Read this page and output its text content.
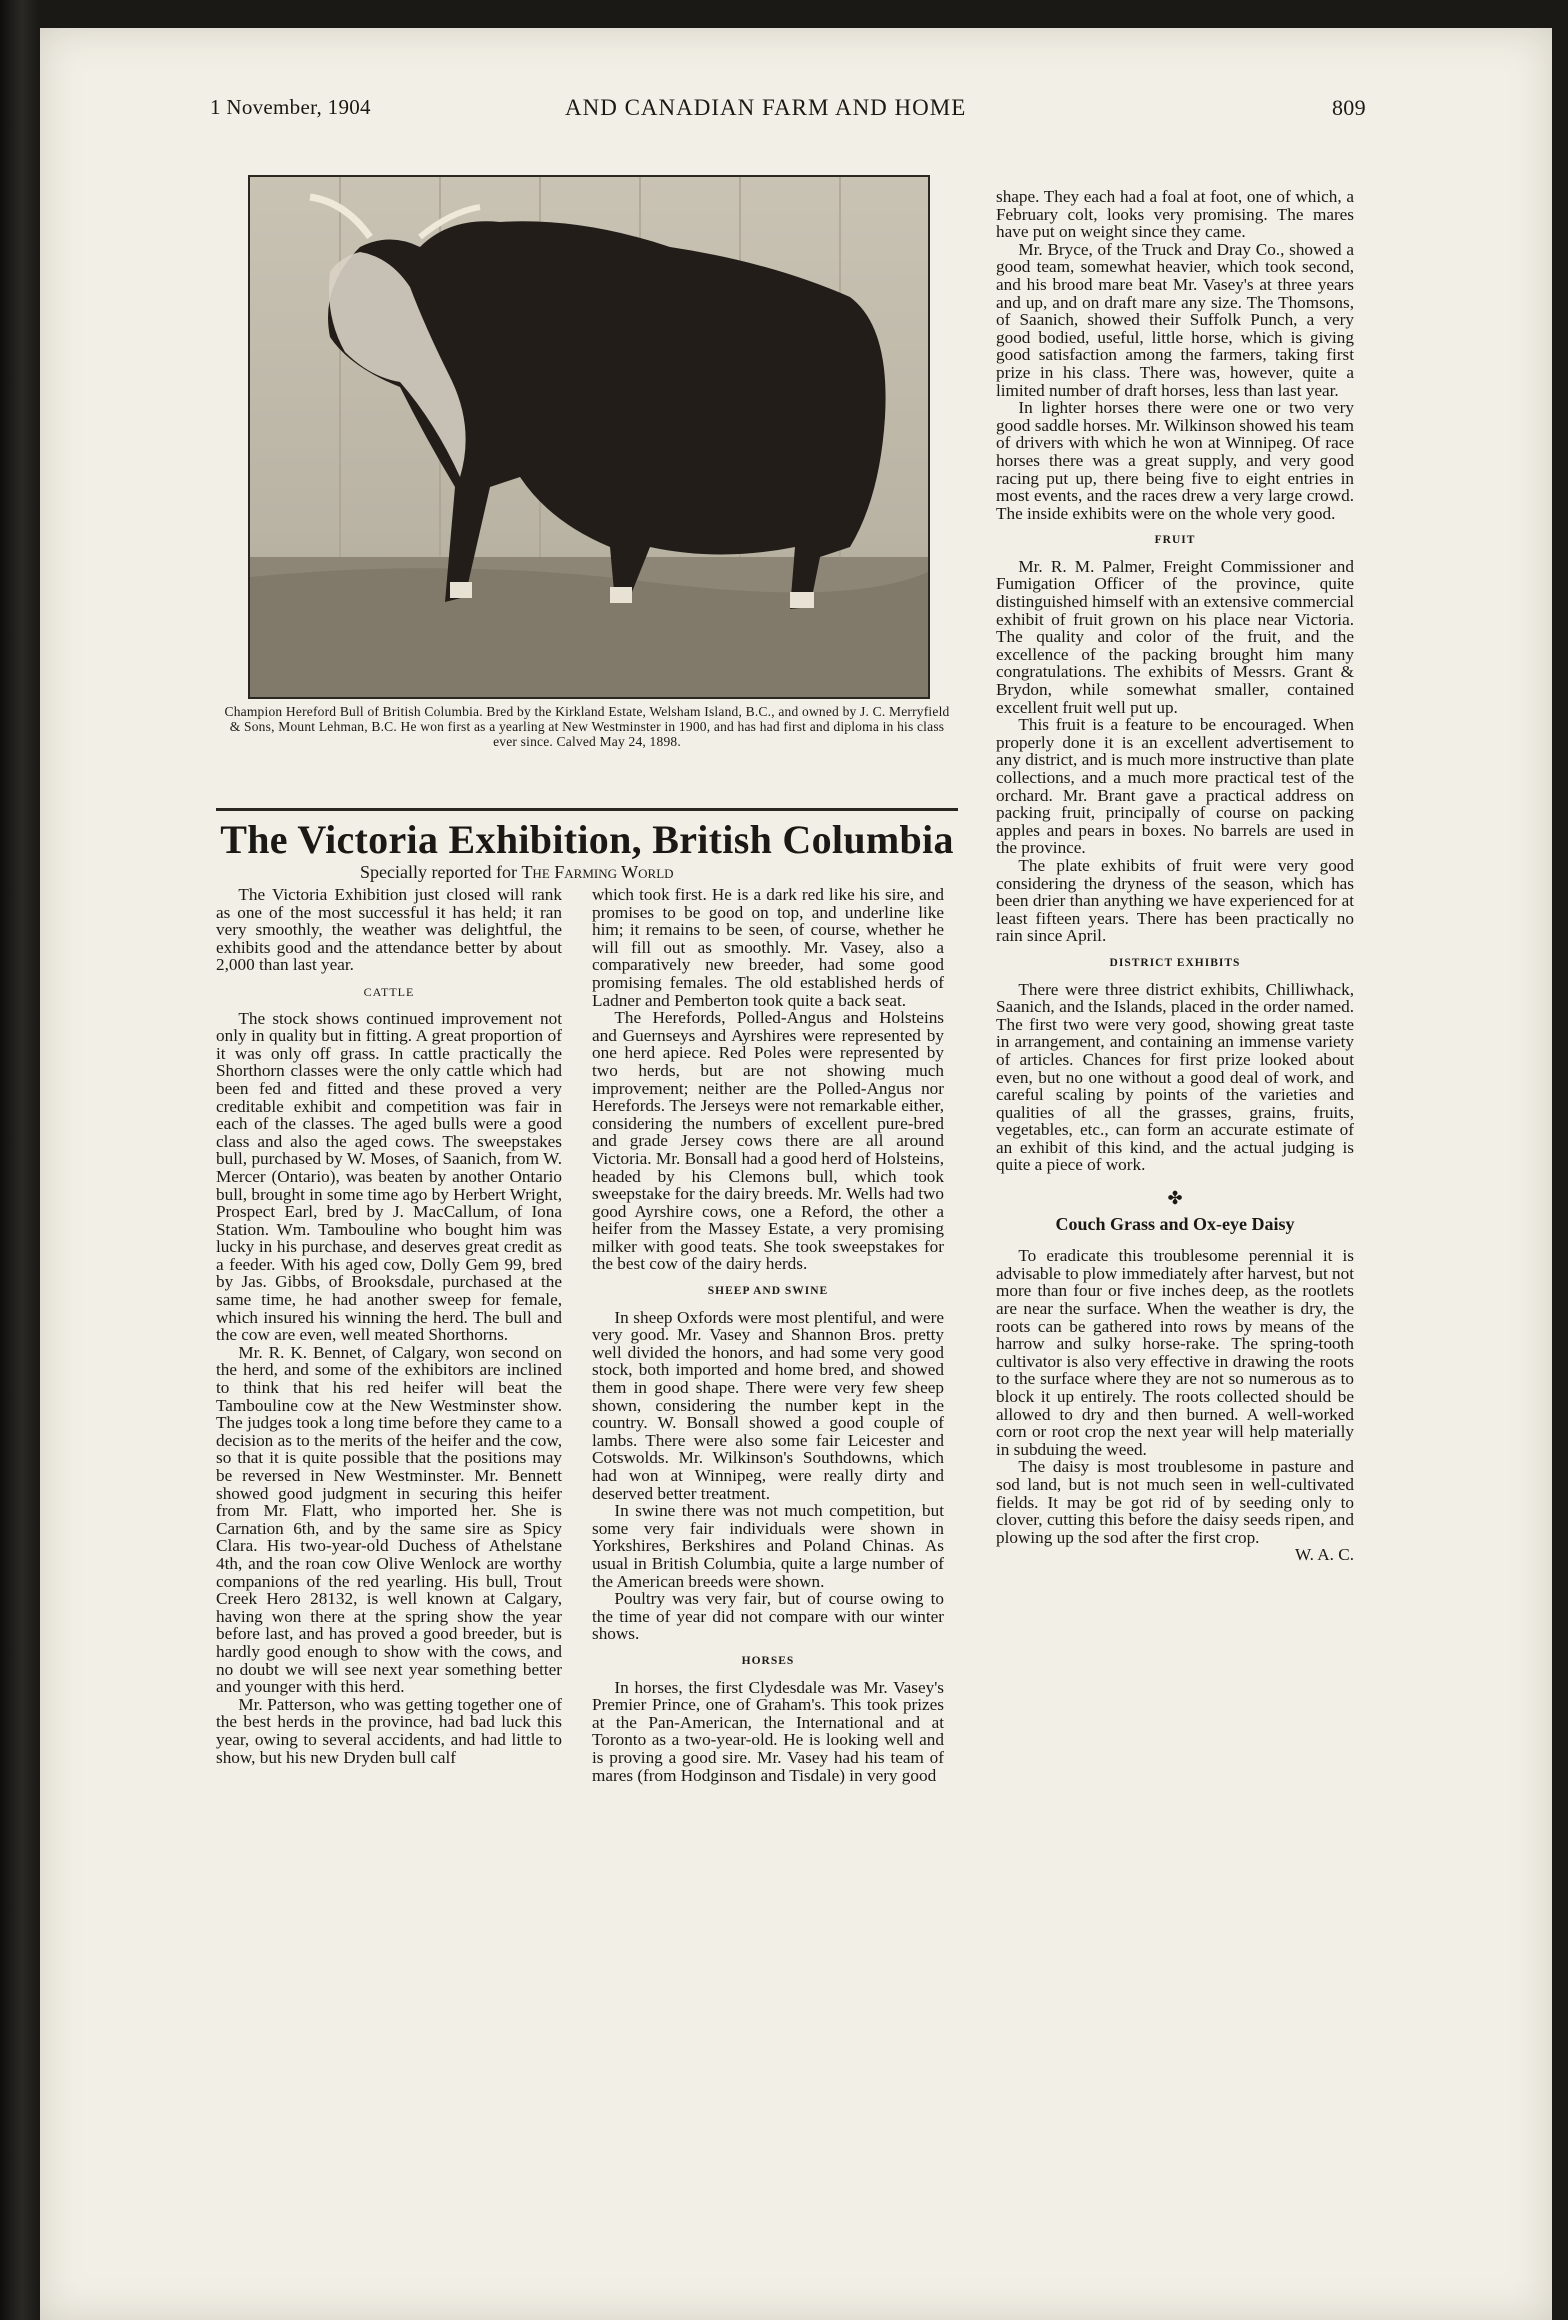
1 November, 1904	AND CANADIAN FARM AND HOME	809
Champion Hereford Bull of British Columbia. Bred by the Kirkland Estate, Welsham Island, B.C., and owned by J. C. Merryfield & Sons, Mount Lehman, B.C. He won first as a yearling at New Westminster in 1900, and has had first and diploma in his class ever since. Calved May 24, 1898.
The Victoria Exhibition, British Columbia
Specially reported for The Farming World

The Victoria Exhibition just closed will rank as one of the most successful it has held; it ran very smoothly, the weather was delightful, the exhibits good and the attendance better by about 2,000 than last year.

CATTLE

The stock shows continued improvement not only in quality but in fitting. A great proportion of it was only off grass. In cattle practically the Shorthorn classes were the only cattle which had been fed and fitted and these proved a very creditable exhibit and competition was fair in each of the classes. The aged bulls were a good class and also the aged cows. The sweepstakes bull, purchased by W. Moses, of Saanich, from W. Mercer (Ontario), was beaten by another Ontario bull, brought in some time ago by Herbert Wright, Prospect Earl, bred by J. MacCallum, of Iona Station. Wm. Tambouline who bought him was lucky in his purchase, and deserves great credit as a feeder. With his aged cow, Dolly Gem 99, bred by Jas. Gibbs, of Brooksdale, purchased at the same time, he had another sweep for female, which insured his winning the herd. The bull and the cow are even, well meated Shorthorns.

Mr. R. K. Bennet, of Calgary, won second on the herd, and some of the exhibitors are inclined to think that his red heifer will beat the Tambouline cow at the New Westminster show. The judges took a long time before they came to a decision as to the merits of the heifer and the cow, so that it is quite possible that the positions may be reversed in New Westminster. Mr. Bennett showed good judgment in securing this heifer from Mr. Flatt, who imported her. She is Carnation 6th, and by the same sire as Spicy Clara. His two-year-old Duchess of Athelstane 4th, and the roan cow Olive Wenlock are worthy companions of the red yearling. His bull, Trout Creek Hero 28132, is well known at Calgary, having won there at the spring show the year before last, and has proved a good breeder, but is hardly good enough to show with the cows, and no doubt we will see next year something better and younger with this herd.

Mr. Patterson, who was getting together one of the best herds in the province, had bad luck this year, owing to several accidents, and had little to show, but his new Dryden bull calf

which took first. He is a dark red like his sire, and promises to be good on top, and underline like him; it remains to be seen, of course, whether he will fill out as smoothly. Mr. Vasey, also a comparatively new breeder, had some good promising females. The old established herds of Ladner and Pemberton took quite a back seat.

The Herefords, Polled-Angus and Holsteins and Guernseys and Ayrshires were represented by one herd apiece. Red Poles were represented by two herds, but are not showing much improvement; neither are the Polled-Angus nor Herefords. The Jerseys were not remarkable either, considering the numbers of excellent pure-bred and grade Jersey cows there are all around Victoria. Mr. Bonsall had a good herd of Holsteins, headed by his Clemons bull, which took sweepstake for the dairy breeds. Mr. Wells had two good Ayrshire cows, one a Reford, the other a heifer from the Massey Estate, a very promising milker with good teats. She took sweepstakes for the best cow of the dairy herds.

SHEEP AND SWINE

In sheep Oxfords were most plentiful, and were very good. Mr. Vasey and Shannon Bros. pretty well divided the honors, and had some very good stock, both imported and home bred, and showed them in good shape. There were very few sheep shown, considering the number kept in the country. W. Bonsall showed a good couple of lambs. There were also some fair Leicester and Cotswolds. Mr. Wilkinson's Southdowns, which had won at Winnipeg, were really dirty and deserved better treatment.

In swine there was not much competition, but some very fair individuals were shown in Yorkshires, Berkshires and Poland Chinas. As usual in British Columbia, quite a large number of the American breeds were shown.

Poultry was very fair, but of course owing to the time of year did not compare with our winter shows.

HORSES

In horses, the first Clydesdale was Mr. Vasey's Premier Prince, one of Graham's. This took prizes at the Pan-American, the International and at Toronto as a two-year-old. He is looking well and is proving a good sire. Mr. Vasey had his team of mares (from Hodginson and Tisdale) in very good

shape. They each had a foal at foot, one of which, a February colt, looks very promising. The mares have put on weight since they came.

Mr. Bryce, of the Truck and Dray Co., showed a good team, somewhat heavier, which took second, and his brood mare beat Mr. Vasey's at three years and up, and on draft mare any size. The Thomsons, of Saanich, showed their Suffolk Punch, a very good bodied, useful, little horse, which is giving good satisfaction among the farmers, taking first prize in his class. There was, however, quite a limited number of draft horses, less than last year.

In lighter horses there were one or two very good saddle horses. Mr. Wilkinson showed his team of drivers with which he won at Winnipeg. Of race horses there was a great supply, and very good racing put up, there being five to eight entries in most events, and the races drew a very large crowd. The inside exhibits were on the whole very good.

FRUIT

Mr. R. M. Palmer, Freight Commissioner and Fumigation Officer of the province, quite distinguished himself with an extensive commercial exhibit of fruit grown on his place near Victoria. The quality and color of the fruit, and the excellence of the packing brought him many congratulations. The exhibits of Messrs. Grant & Brydon, while somewhat smaller, contained excellent fruit well put up.

This fruit is a feature to be encouraged. When properly done it is an excellent advertisement to any district, and is much more instructive than plate collections, and a much more practical test of the orchard. Mr. Brant gave a practical address on packing fruit, principally of course on packing apples and pears in boxes. No barrels are used in the province.

The plate exhibits of fruit were very good considering the dryness of the season, which has been drier than anything we have experienced for at least fifteen years. There has been practically no rain since April.

DISTRICT EXHIBITS

There were three district exhibits, Chilliwhack, Saanich, and the Islands, placed in the order named. The first two were very good, showing great taste in arrangement, and containing an immense variety of articles. Chances for first prize looked about even, but no one without a good deal of work, and careful scaling by points of the varieties and qualities of all the grasses, grains, fruits, vegetables, etc., can form an accurate estimate of an exhibit of this kind, and the actual judging is quite a piece of work.

✤

Couch Grass and Ox-eye Daisy

To eradicate this troublesome perennial it is advisable to plow immediately after harvest, but not more than four or five inches deep, as the rootlets are near the surface. When the weather is dry, the roots can be gathered into rows by means of the harrow and sulky horse-rake. The spring-tooth cultivator is also very effective in drawing the roots to the surface where they are not so numerous as to block it up entirely. The roots collected should be allowed to dry and then burned. A well-worked corn or root crop the next year will help materially in subduing the weed.

The daisy is most troublesome in pasture and sod land, but is not much seen in well-cultivated fields. It may be got rid of by seeding only to clover, cutting this before the daisy seeds ripen, and plowing up the sod after the first crop.

W. A. C.
